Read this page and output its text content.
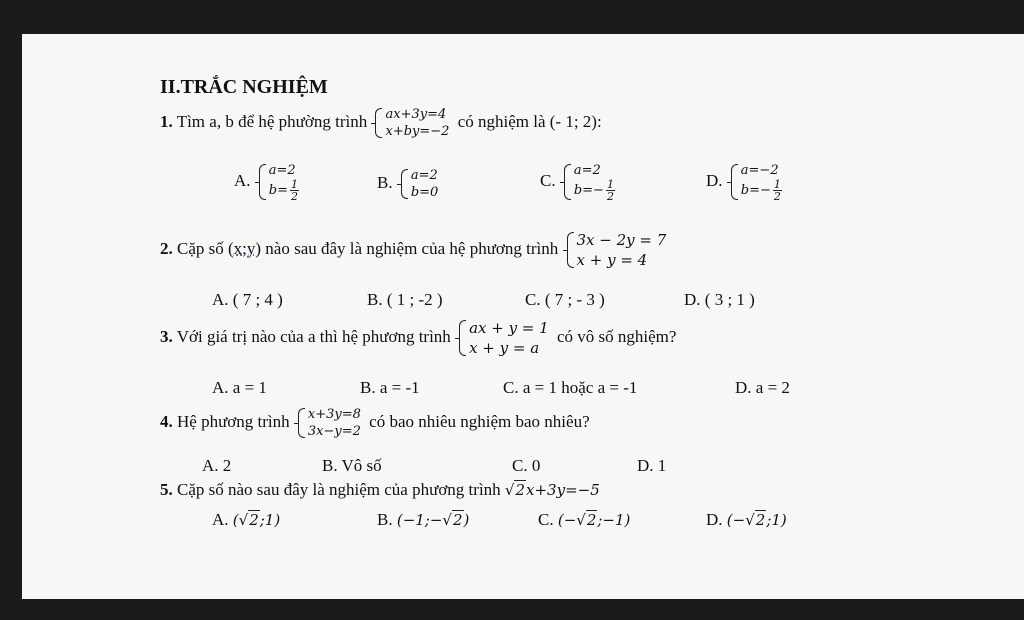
II.TRẮC NGHIỆM
1. Tìm a, b để hệ phường trình ax+3y=4
x+by=−2
có nghiệm là (- 1; 2):
A.
a=2
$b= \frac{1}{2}$	B. a=2
b=0
C.
a=2
$b=- \frac{1}{2}$	D.
a=−2
$b=- \frac{1}{2}$
2. Cặp số (x;y) nào sau đây là nghiệm của hệ phương trình 3x − 2y = 7
x + y = 4
A. ( 7 ; 4 )	B. ( 1 ; -2 )	C. ( 7 ; - 3 )	D. ( 3 ; 1 )
3. Với giá trị nào của a thì hệ phương trình ax + y = 1
x + y = a
có vô số nghiệm?
A. a = 1	B. a = -1	C. a = 1 hoặc a = -1	D. a = 2
4. Hệ phương trình x+3y=8
3x−y=2
có bao nhiêu nghiệm bao nhiêu?
A. 2	B. Vô số	C. 0	D. 1
5. Cặp số nào sau đây là nghiệm của phương trình √2x+3y=−5
A. (√2;1)	B. (−1;−√2)	C. (−√2;−1)	D. (−√2;1)
